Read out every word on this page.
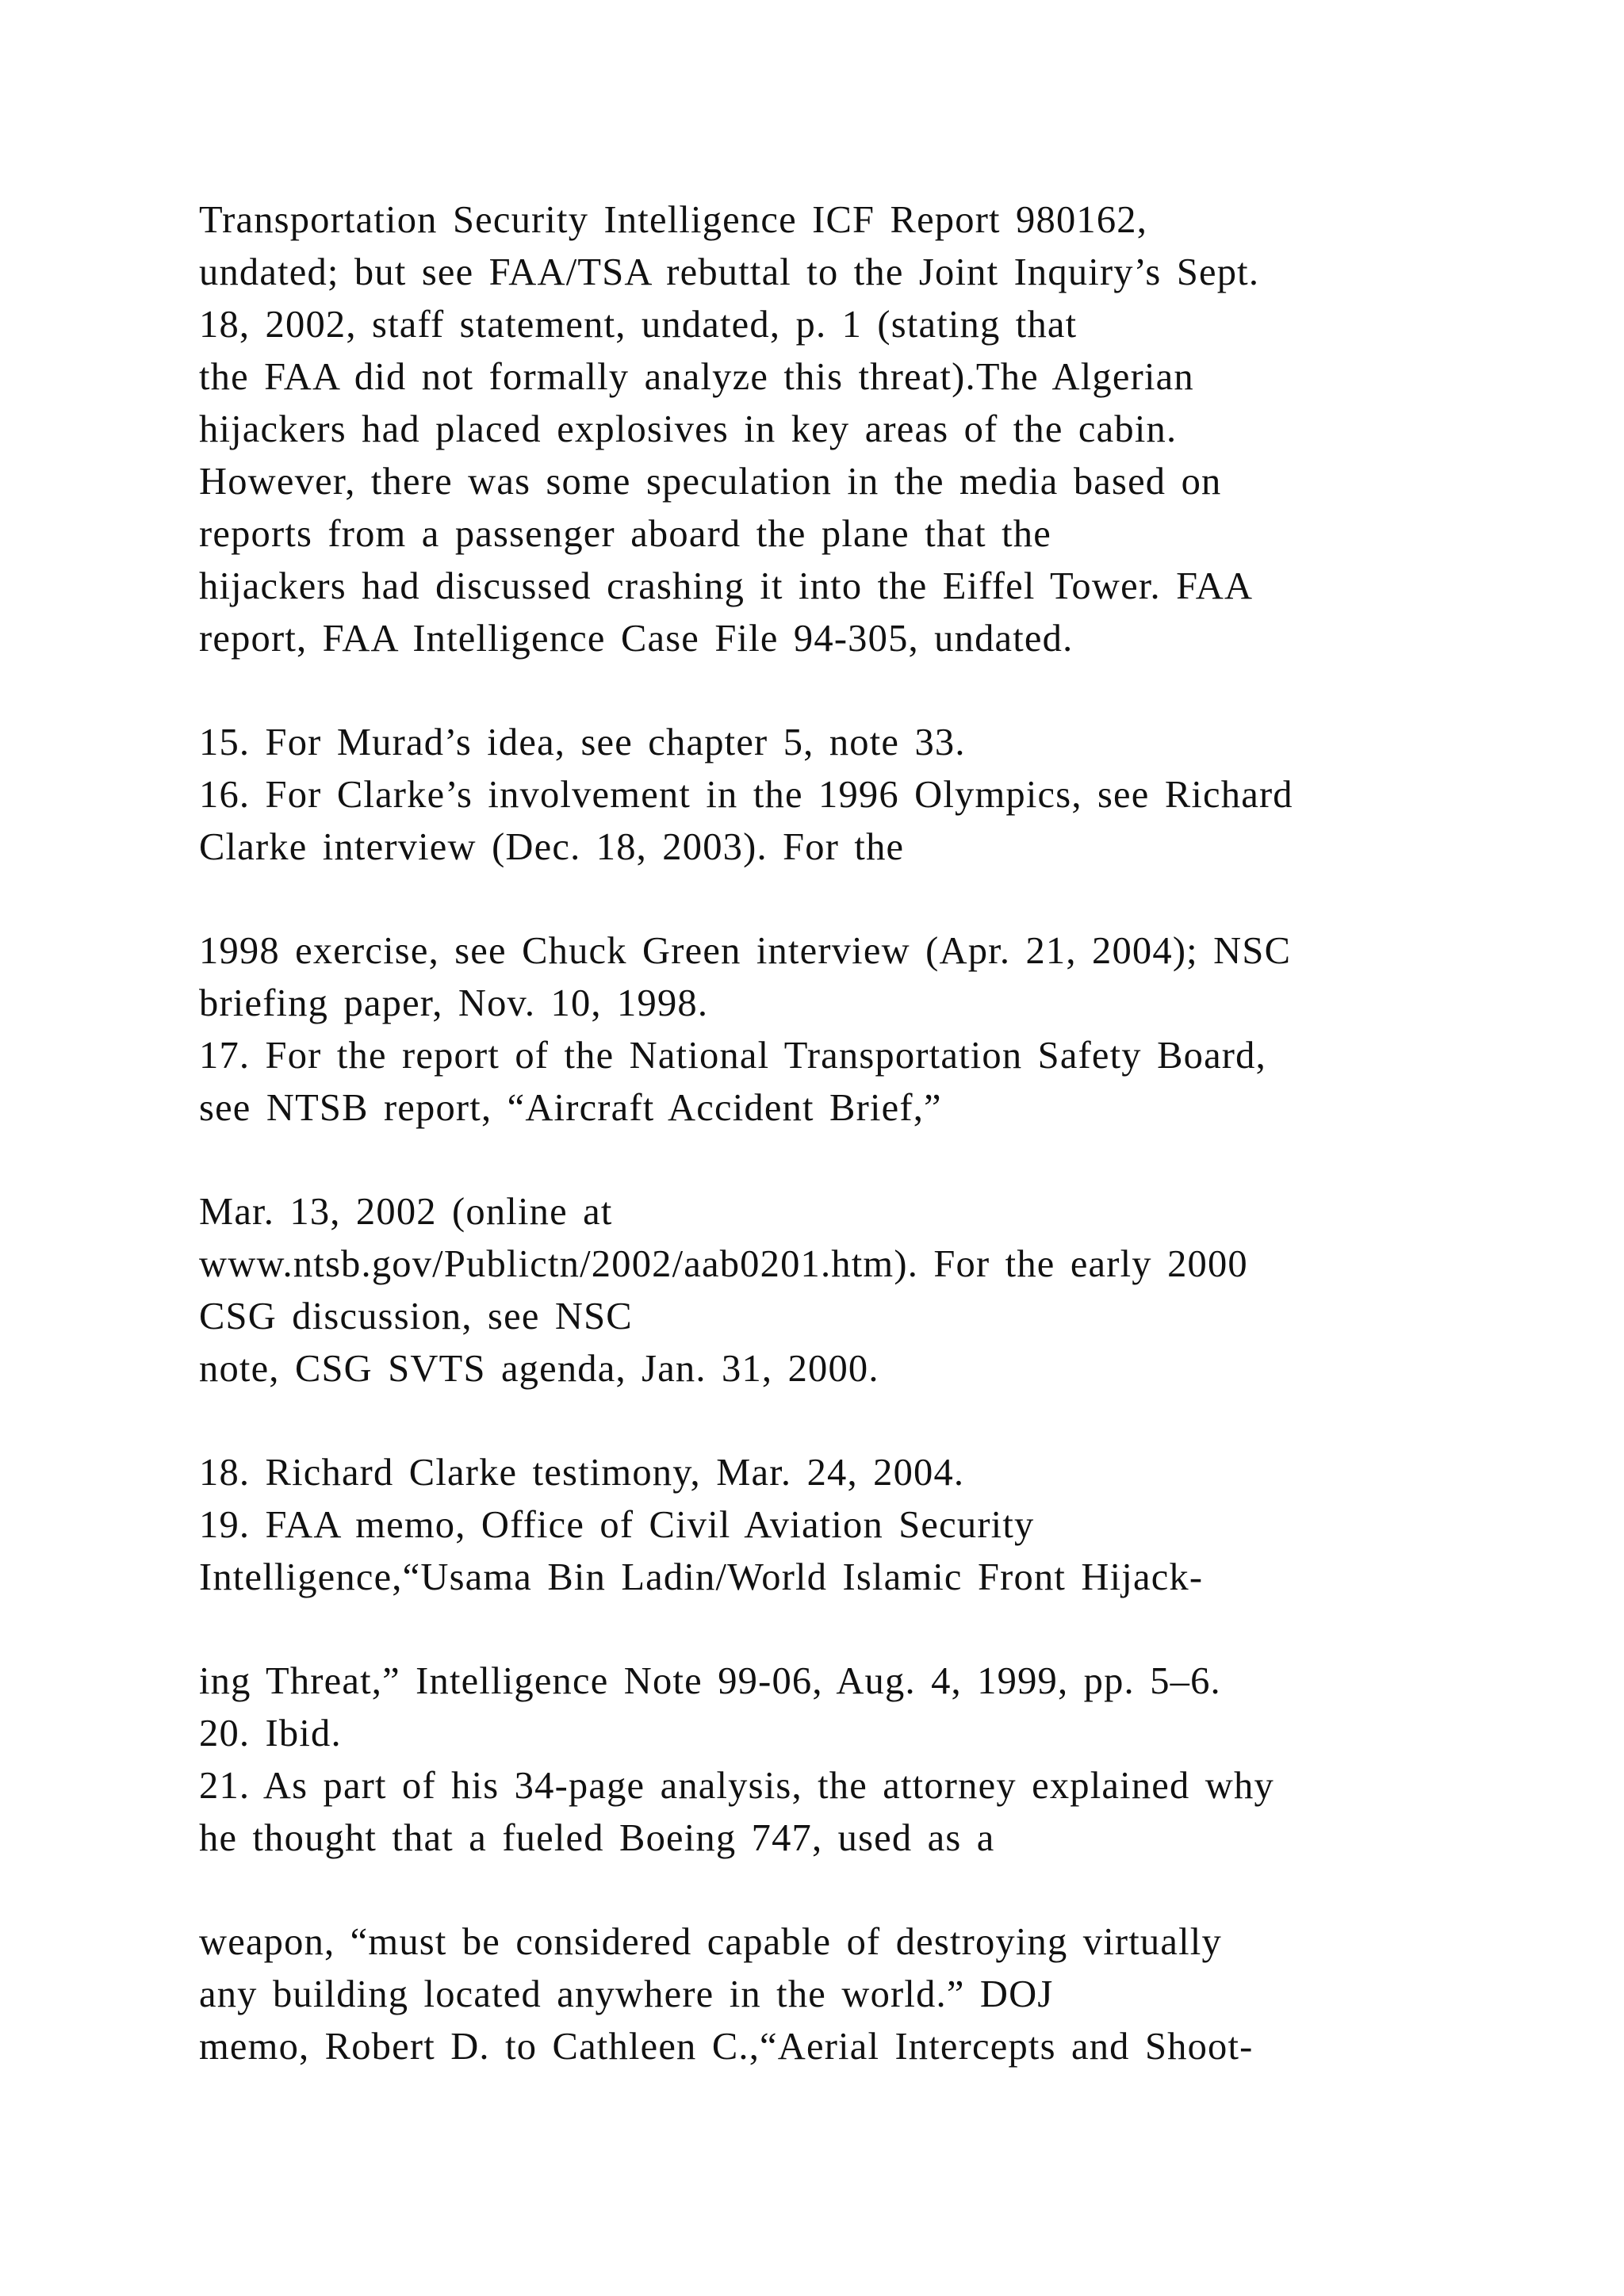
Transportation Security Intelligence ICF Report 980162,
undated; but see FAA/TSA rebuttal to the Joint Inquiry’s Sept.
18, 2002, staff statement, undated, p. 1 (stating that
the FAA did not formally analyze this threat).The Algerian
hijackers had placed explosives in key areas of the cabin.
However, there was some speculation in the media based on
reports from a passenger aboard the plane that the
hijackers had discussed crashing it into the Eiffel Tower. FAA
report, FAA Intelligence Case File 94-305, undated.
15. For Murad’s idea, see chapter 5, note 33.
16. For Clarke’s involvement in the 1996 Olympics, see Richard
Clarke interview (Dec. 18, 2003). For the
1998 exercise, see Chuck Green interview (Apr. 21, 2004); NSC
briefing paper, Nov. 10, 1998.
17. For the report of the National Transportation Safety Board,
see NTSB report, “Aircraft Accident Brief,”
Mar. 13, 2002 (online at
www.ntsb.gov/Publictn/2002/aab0201.htm). For the early 2000
CSG discussion, see NSC
note, CSG SVTS agenda, Jan. 31, 2000.
18. Richard Clarke testimony, Mar. 24, 2004.
19. FAA memo, Office of Civil Aviation Security
Intelligence,“Usama Bin Ladin/World Islamic Front Hijack-
ing Threat,” Intelligence Note 99-06, Aug. 4, 1999, pp. 5–6.
20. Ibid.
21. As part of his 34-page analysis, the attorney explained why
he thought that a fueled Boeing 747, used as a
weapon, “must be considered capable of destroying virtually
any building located anywhere in the world.” DOJ
memo, Robert D. to Cathleen C.,“Aerial Intercepts and Shoot-
